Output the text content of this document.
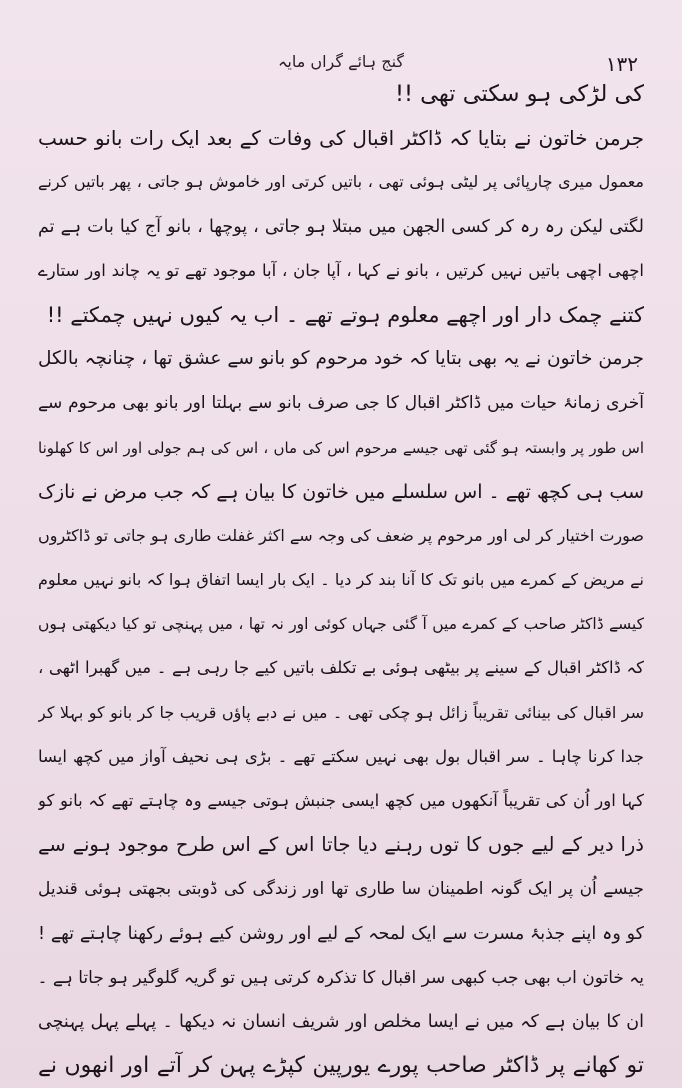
گنج ہائے گراں مایہ	۱۳۲
کی لڑکی ہو سکتی تھی !!
جرمن خاتون نے بتایا کہ ڈاکٹر اقبال کی وفات کے بعد ایک رات بانو حسب
معمول میری چارپائی پر لیٹی ہوئی تھی ، باتیں کرتی اور خاموش ہو جاتی ، پھر باتیں کرنے
لگتی لیکن رہ رہ کر کسی الجھن میں مبتلا ہو جاتی ، پوچھا ، بانو آج کیا بات ہے تم
اچھی اچھی باتیں نہیں کرتیں ، بانو نے کہا ، آپا جان ، آبا موجود تھے تو یہ چاند اور ستارے
کتنے چمک دار اور اچھے معلوم ہوتے تھے ۔ اب یہ کیوں نہیں چمکتے !!
جرمن خاتون نے یہ بھی بتایا کہ خود مرحوم کو بانو سے عشق تھا ، چنانچہ بالکل
آخری زمانۂ حیات میں ڈاکٹر اقبال کا جی صرف بانو سے بہلتا اور بانو بھی مرحوم سے
اس طور پر وابستہ ہو گئی تھی جیسے مرحوم اس کی ماں ، اس کی ہم جولی اور اس کا کھلونا
سب ہی کچھ تھے ۔ اس سلسلے میں خاتون کا بیان ہے کہ جب مرض نے نازک
صورت اختیار کر لی اور مرحوم پر ضعف کی وجہ سے اکثر غفلت طاری ہو جاتی تو ڈاکٹروں
نے مریض کے کمرے میں بانو تک کا آنا بند کر دیا ۔ ایک بار ایسا اتفاق ہوا کہ بانو نہیں معلوم
کیسے ڈاکٹر صاحب کے کمرے میں آ گئی جہاں کوئی اور نہ تھا ، میں پہنچی تو کیا دیکھتی ہوں
کہ ڈاکٹر اقبال کے سینے پر بیٹھی ہوئی بے تکلف باتیں کیے جا رہی ہے ۔ میں گھبرا اٹھی ،
سر اقبال کی بینائی تقریباً زائل ہو چکی تھی ۔ میں نے دبے پاؤں قریب جا کر بانو کو بہلا کر
جدا کرنا چاہا ۔ سر اقبال بول بھی نہیں سکتے تھے ۔ بڑی ہی نحیف آواز میں کچھ ایسا
کہا اور اُن کی تقریباً آنکھوں میں کچھ ایسی جنبش ہوتی جیسے وہ چاہتے تھے کہ بانو کو
ذرا دیر کے لیے جوں کا توں رہنے دیا جاتا اس کے اس طرح موجود ہونے سے
جیسے اُن پر ایک گونہ اطمینان سا طاری تھا اور زندگی کی ڈوبتی بجھتی ہوئی قندیل
کو وہ اپنے جذبۂ مسرت سے ایک لمحہ کے لیے اور روشن کیے ہوئے رکھنا چاہتے تھے !
یہ خاتون اب بھی جب کبھی سر اقبال کا تذکرہ کرتی ہیں تو گریہ گلوگیر ہو جاتا ہے ۔
ان کا بیان ہے کہ میں نے ایسا مخلص اور شریف انسان نہ دیکھا ۔ پہلے پہل پہنچی
تو کھانے پر ڈاکٹر صاحب پورے یورپین کپڑے پہن کر آتے اور انھوں نے
